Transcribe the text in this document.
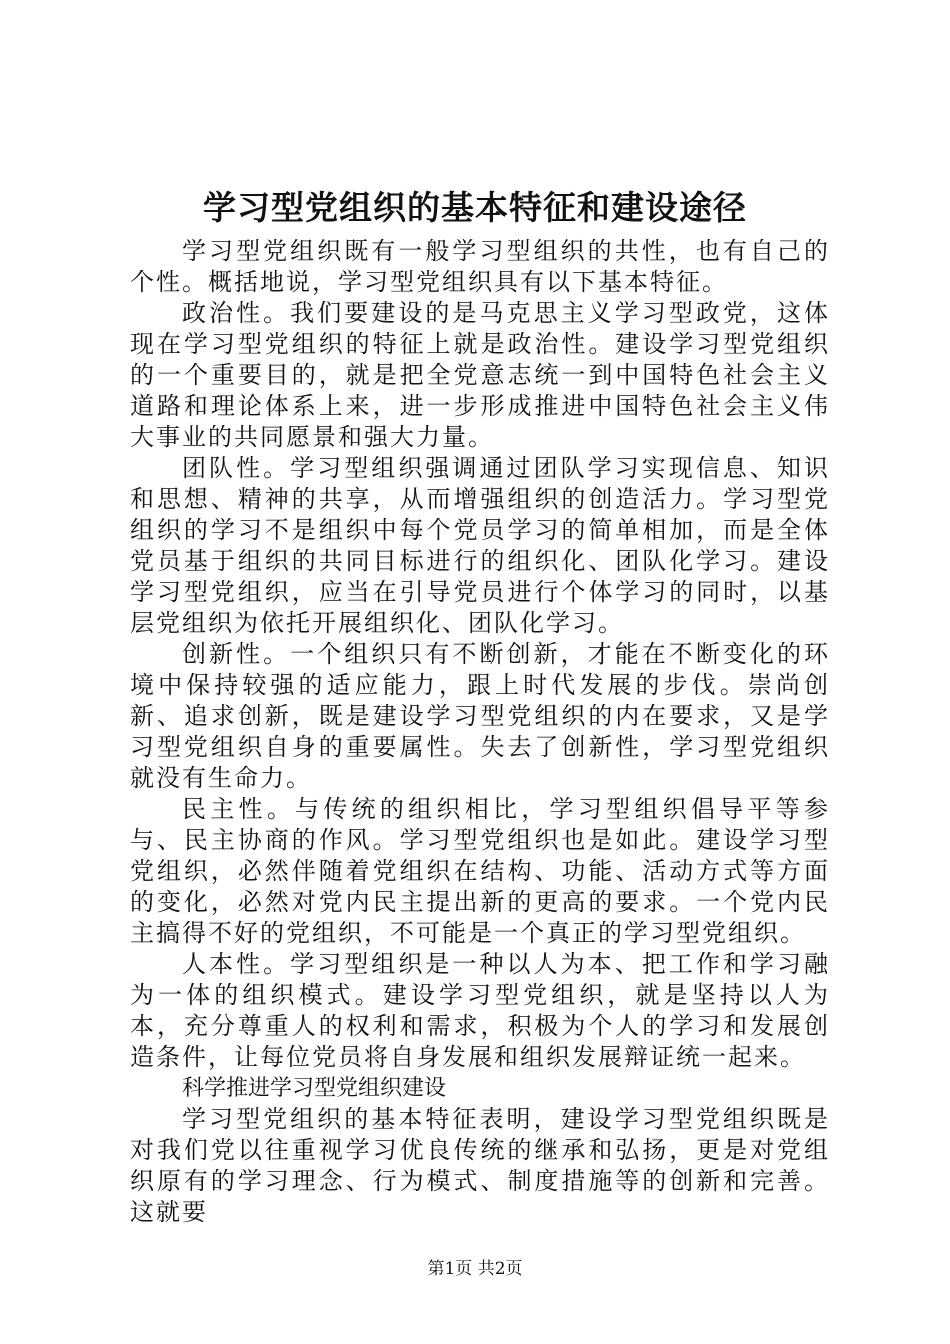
学习型党组织的基本特征和建设途径

学习型党组织既有一般学习型组织的共性，也有自己的个性。概括地说，学习型党组织具有以下基本特征。

政治性。我们要建设的是马克思主义学习型政党，这体现在学习型党组织的特征上就是政治性。建设学习型党组织的一个重要目的，就是把全党意志统一到中国特色社会主义道路和理论体系上来，进一步形成推进中国特色社会主义伟大事业的共同愿景和强大力量。

团队性。学习型组织强调通过团队学习实现信息、知识和思想、精神的共享，从而增强组织的创造活力。学习型党组织的学习不是组织中每个党员学习的简单相加，而是全体党员基于组织的共同目标进行的组织化、团队化学习。建设学习型党组织，应当在引导党员进行个体学习的同时，以基层党组织为依托开展组织化、团队化学习。

创新性。一个组织只有不断创新，才能在不断变化的环境中保持较强的适应能力，跟上时代发展的步伐。崇尚创新、追求创新，既是建设学习型党组织的内在要求，又是学习型党组织自身的重要属性。失去了创新性，学习型党组织就没有生命力。

民主性。与传统的组织相比，学习型组织倡导平等参与、民主协商的作风。学习型党组织也是如此。建设学习型党组织，必然伴随着党组织在结构、功能、活动方式等方面的变化，必然对党内民主提出新的更高的要求。一个党内民主搞得不好的党组织，不可能是一个真正的学习型党组织。

人本性。学习型组织是一种以人为本、把工作和学习融为一体的组织模式。建设学习型党组织，就是坚持以人为本，充分尊重人的权利和需求，积极为个人的学习和发展创造条件，让每位党员将自身发展和组织发展辩证统一起来。

科学推进学习型党组织建设

学习型党组织的基本特征表明，建设学习型党组织既是对我们党以往重视学习优良传统的继承和弘扬，更是对党组织原有的学习理念、行为模式、制度措施等的创新和完善。这就要

第1页 共2页
